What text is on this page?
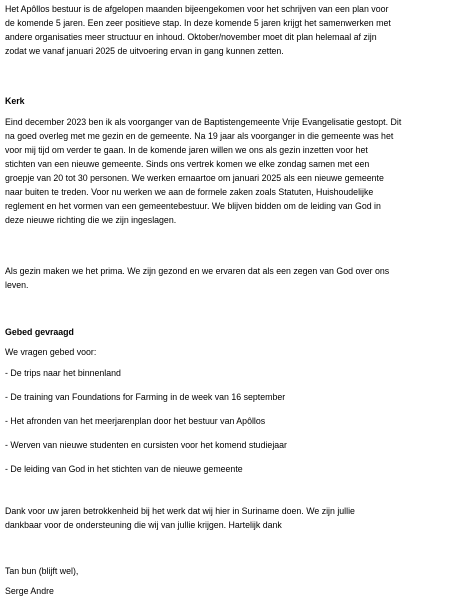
Het Apôllos bestuur is de afgelopen maanden bijeengekomen voor het schrijven van een plan voor

de komende 5 jaren. Een zeer positieve stap. In deze komende 5 jaren krijgt het samenwerken met

andere organisaties meer structuur en inhoud. Oktober/november moet dit plan helemaal af zijn

zodat we vanaf januari 2025 de uitvoering ervan in gang kunnen zetten.

Kerk

Eind december 2023 ben ik als voorganger van de Baptistengemeente Vrije Evangelisatie gestopt. Dit

na goed overleg met me gezin en de gemeente. Na 19 jaar als voorganger in die gemeente was het

voor mij tijd om verder te gaan. In de komende jaren willen we ons als gezin inzetten voor het

stichten van een nieuwe gemeente. Sinds ons vertrek komen we elke zondag samen met een

groepje van 20 tot 30 personen. We werken ernaartoe om januari 2025 als een nieuwe gemeente

naar buiten te treden. Voor nu werken we aan de formele zaken zoals Statuten, Huishoudelijke

reglement en het vormen van een gemeentebestuur. We blijven bidden om de leiding van God in

deze nieuwe richting die we zijn ingeslagen.

Als gezin maken we het prima. We zijn gezond en we ervaren dat als een zegen van God over ons

leven.

Gebed gevraagd

We vragen gebed voor:

- De trips naar het binnenland
- De training van Foundations for Farming in de week van 16 september
- Het afronden van het meerjarenplan door het bestuur van Apôllos
- Werven van nieuwe studenten en cursisten voor het komend studiejaar
- De leiding van God in het stichten van de nieuwe gemeente

Dank voor uw jaren betrokkenheid bij het werk dat wij hier in Suriname doen. We zijn jullie

dankbaar voor de ondersteuning die wij van jullie krijgen. Hartelijk dank

Tan bun (blijft wel),

Serge Andre
